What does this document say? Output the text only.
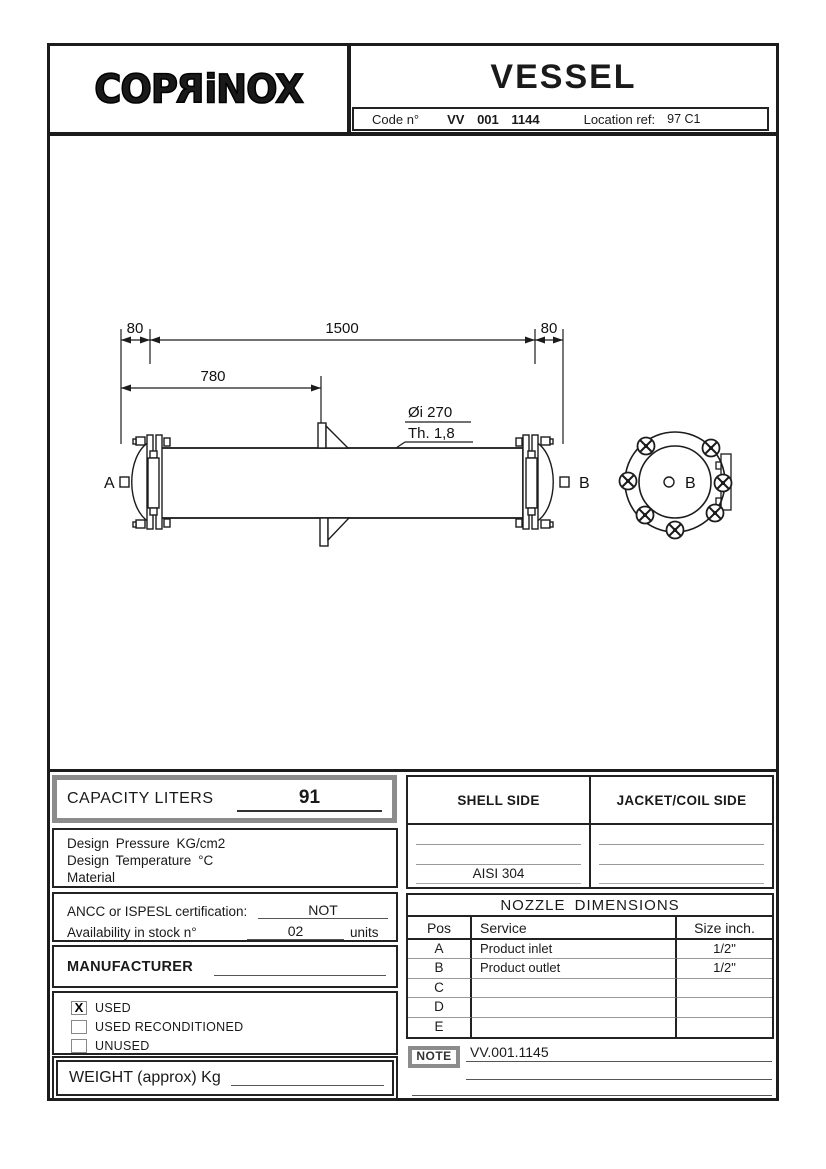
COPRiNOX	VESSEL
Code n° VV 001 1144	Location ref: 97 C1
80	1500	80
780
Øi 270
Th. 1,8
A	B	B
CAPACITY LITERS	91
Design Pressure KG/cm2
Design Temperature °C
Material
ANCC or ISPESL certification:	NOT
Availability in stock n°	02	units
MANUFACTURER
X USED
USED RECONDITIONED
UNUSED
WEIGHT (approx) Kg
SHELL SIDE	JACKET/COIL SIDE
AISI 304
NOZZLE DIMENSIONS
Pos	Service	Size inch.
A	Product inlet	1/2"
B	Product outlet	1/2"
C
D
E
NOTE	VV.001.1145
